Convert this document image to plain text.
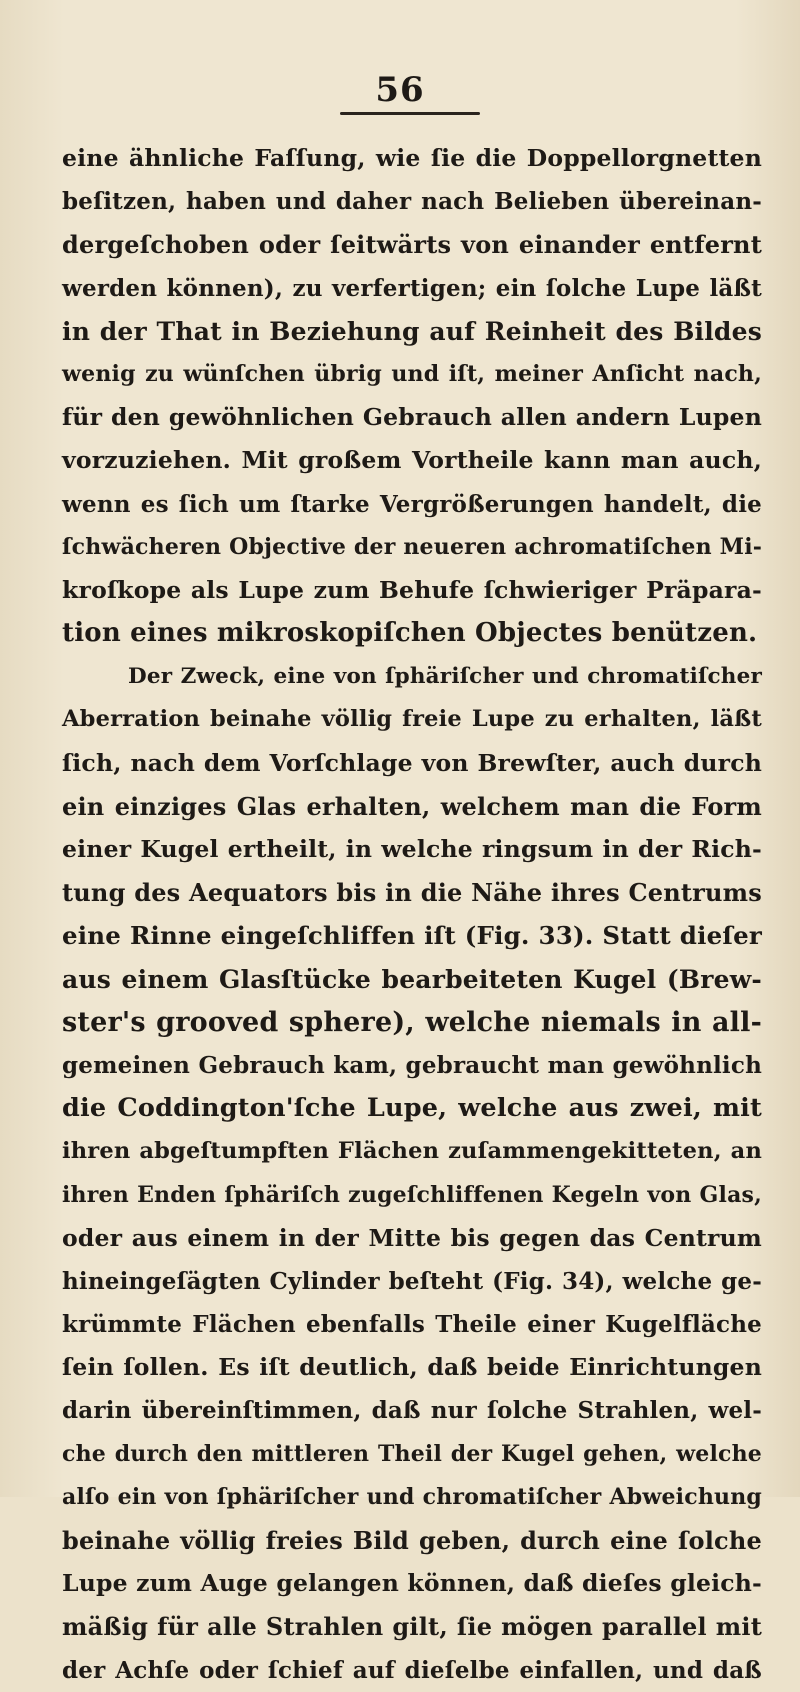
56
eine ähnliche Faſſung, wie ſie die Doppellorgnetten
beſitzen, haben und daher nach Belieben übereinan-
dergeſchoben oder ſeitwärts von einander entfernt
werden können), zu verfertigen; ein ſolche Lupe läßt
in der That in Beziehung auf Reinheit des Bildes
wenig zu wünſchen übrig und iſt, meiner Anſicht nach,
für den gewöhnlichen Gebrauch allen andern Lupen
vorzuziehen. Mit großem Vortheile kann man auch,
wenn es ſich um ſtarke Vergrößerungen handelt, die
ſchwächeren Objective der neueren achromatiſchen Mi-
kroſkope als Lupe zum Behufe ſchwieriger Präpara-
tion eines mikroskopiſchen Objectes benützen.
Der Zweck, eine von ſphäriſcher und chromatiſcher
Aberration beinahe völlig freie Lupe zu erhalten, läßt
ſich, nach dem Vorſchlage von Brewſter, auch durch
ein einziges Glas erhalten, welchem man die Form
einer Kugel ertheilt, in welche ringsum in der Rich-
tung des Aequators bis in die Nähe ihres Centrums
eine Rinne eingeſchliffen iſt (Fig. 33). Statt dieſer
aus einem Glasſtücke bearbeiteten Kugel (Brew-
ster's grooved sphere), welche niemals in all-
gemeinen Gebrauch kam, gebraucht man gewöhnlich
die Coddington'ſche Lupe, welche aus zwei, mit
ihren abgeſtumpften Flächen zuſammengekitteten, an
ihren Enden ſphäriſch zugeſchliffenen Kegeln von Glas,
oder aus einem in der Mitte bis gegen das Centrum
hineingeſägten Cylinder beſteht (Fig. 34), welche ge-
krümmte Flächen ebenfalls Theile einer Kugelfläche
ſein ſollen. Es iſt deutlich, daß beide Einrichtungen
darin übereinſtimmen, daß nur ſolche Strahlen, wel-
che durch den mittleren Theil der Kugel gehen, welche
alſo ein von ſphäriſcher und chromatiſcher Abweichung
beinahe völlig freies Bild geben, durch eine ſolche
Lupe zum Auge gelangen können, daß dieſes gleich-
mäßig für alle Strahlen gilt, ſie mögen parallel mit
der Achſe oder ſchief auf dieſelbe einfallen, und daß
